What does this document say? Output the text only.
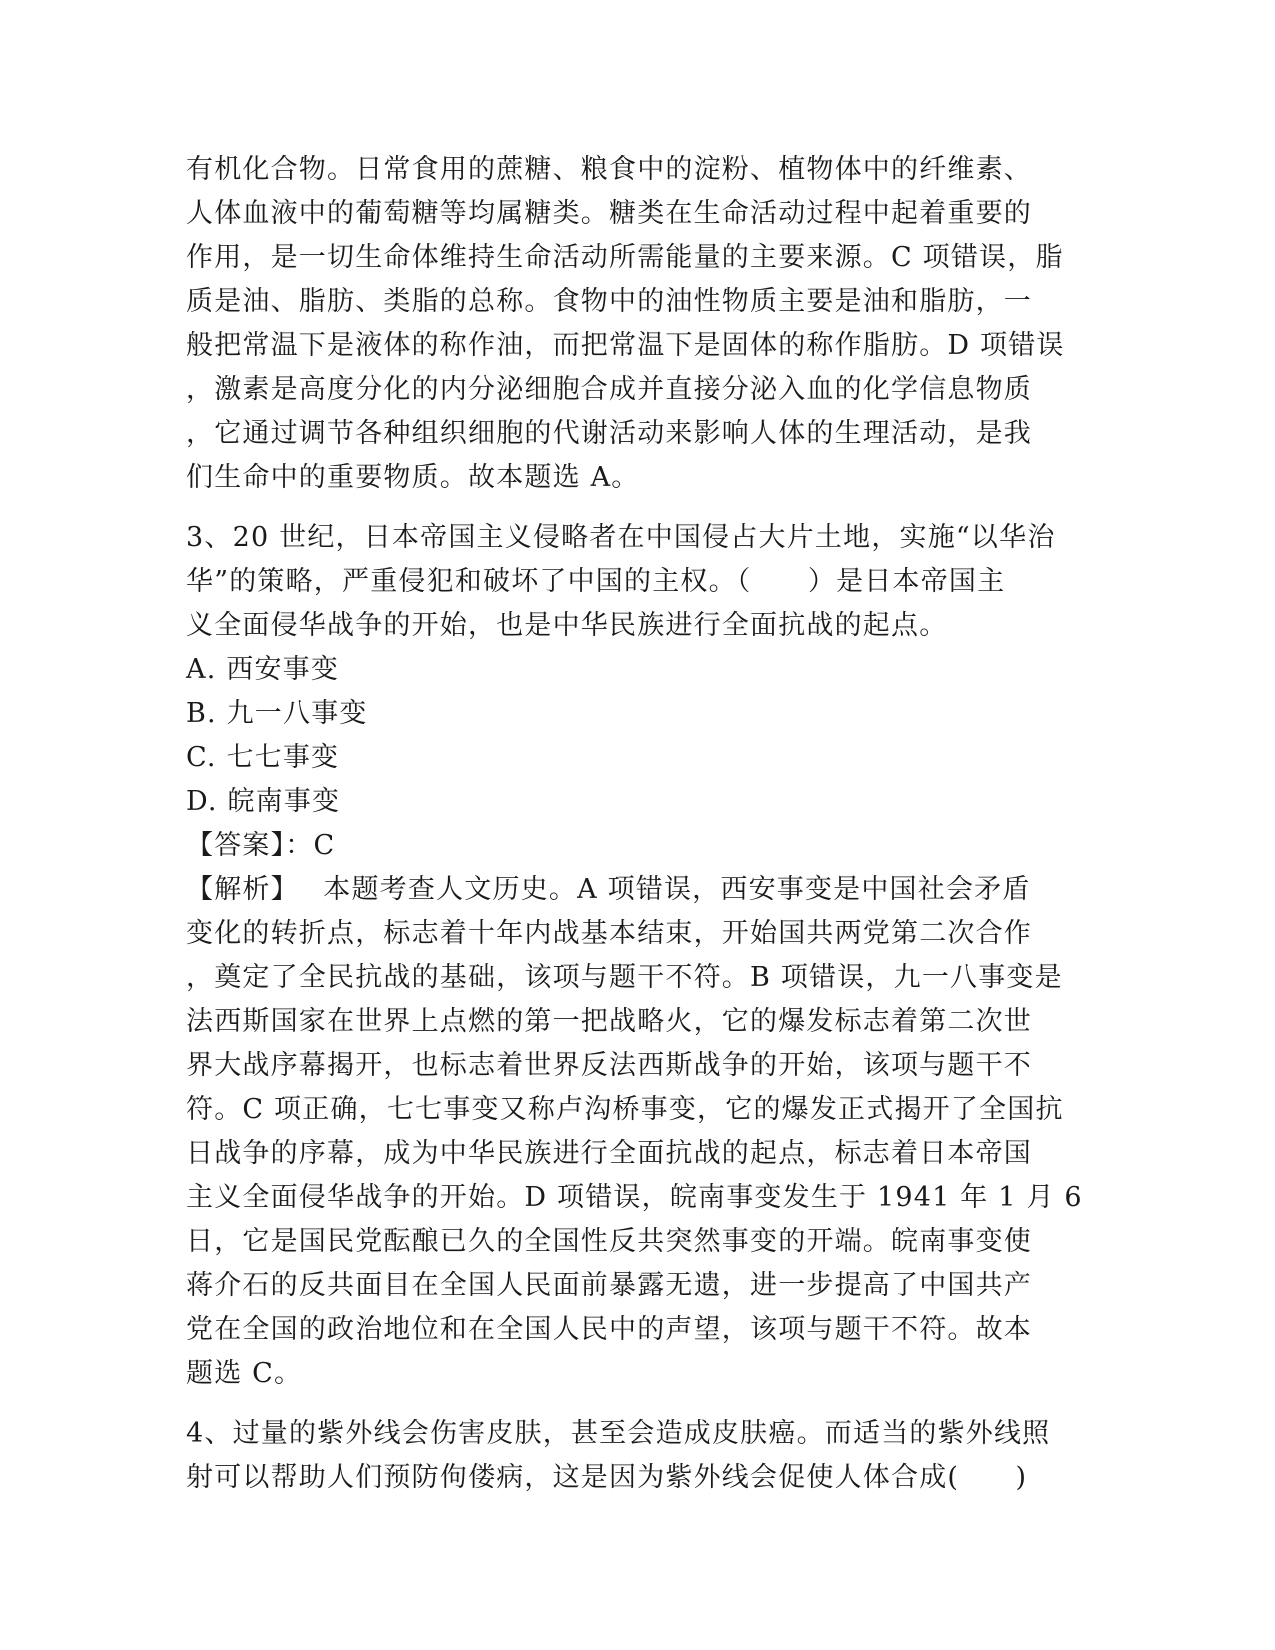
有机化合物。日常食用的蔗糖、粮食中的淀粉、植物体中的纤维素、
人体血液中的葡萄糖等均属糖类。糖类在生命活动过程中起着重要的
作用，是一切生命体维持生命活动所需能量的主要来源。C 项错误，脂
质是油、脂肪、类脂的总称。食物中的油性物质主要是油和脂肪，一
般把常温下是液体的称作油，而把常温下是固体的称作脂肪。D 项错误
，激素是高度分化的内分泌细胞合成并直接分泌入血的化学信息物质
，它通过调节各种组织细胞的代谢活动来影响人体的生理活动，是我
们生命中的重要物质。故本题选 A。
3、20 世纪，日本帝国主义侵略者在中国侵占大片土地，实施“以华治
华”的策略，严重侵犯和破坏了中国的主权。（　　）是日本帝国主
义全面侵华战争的开始，也是中华民族进行全面抗战的起点。
A. 西安事变
B. 九一八事变
C. 七七事变
D. 皖南事变
【答案】：C
【解析】　 本题考查人文历史。A 项错误，西安事变是中国社会矛盾
变化的转折点，标志着十年内战基本结束，开始国共两党第二次合作
，奠定了全民抗战的基础，该项与题干不符。B 项错误，九一八事变是
法西斯国家在世界上点燃的第一把战略火，它的爆发标志着第二次世
界大战序幕揭开，也标志着世界反法西斯战争的开始，该项与题干不
符。C 项正确，七七事变又称卢沟桥事变，它的爆发正式揭开了全国抗
日战争的序幕，成为中华民族进行全面抗战的起点，标志着日本帝国
主义全面侵华战争的开始。D 项错误，皖南事变发生于 1941 年 1 月 6
日，它是国民党酝酿已久的全国性反共突然事变的开端。皖南事变使
蒋介石的反共面目在全国人民面前暴露无遗，进一步提高了中国共产
党在全国的政治地位和在全国人民中的声望，该项与题干不符。故本
题选 C。
4、过量的紫外线会伤害皮肤，甚至会造成皮肤癌。而适当的紫外线照
射可以帮助人们预防佝偻病，这是因为紫外线会促使人体合成(　　)
